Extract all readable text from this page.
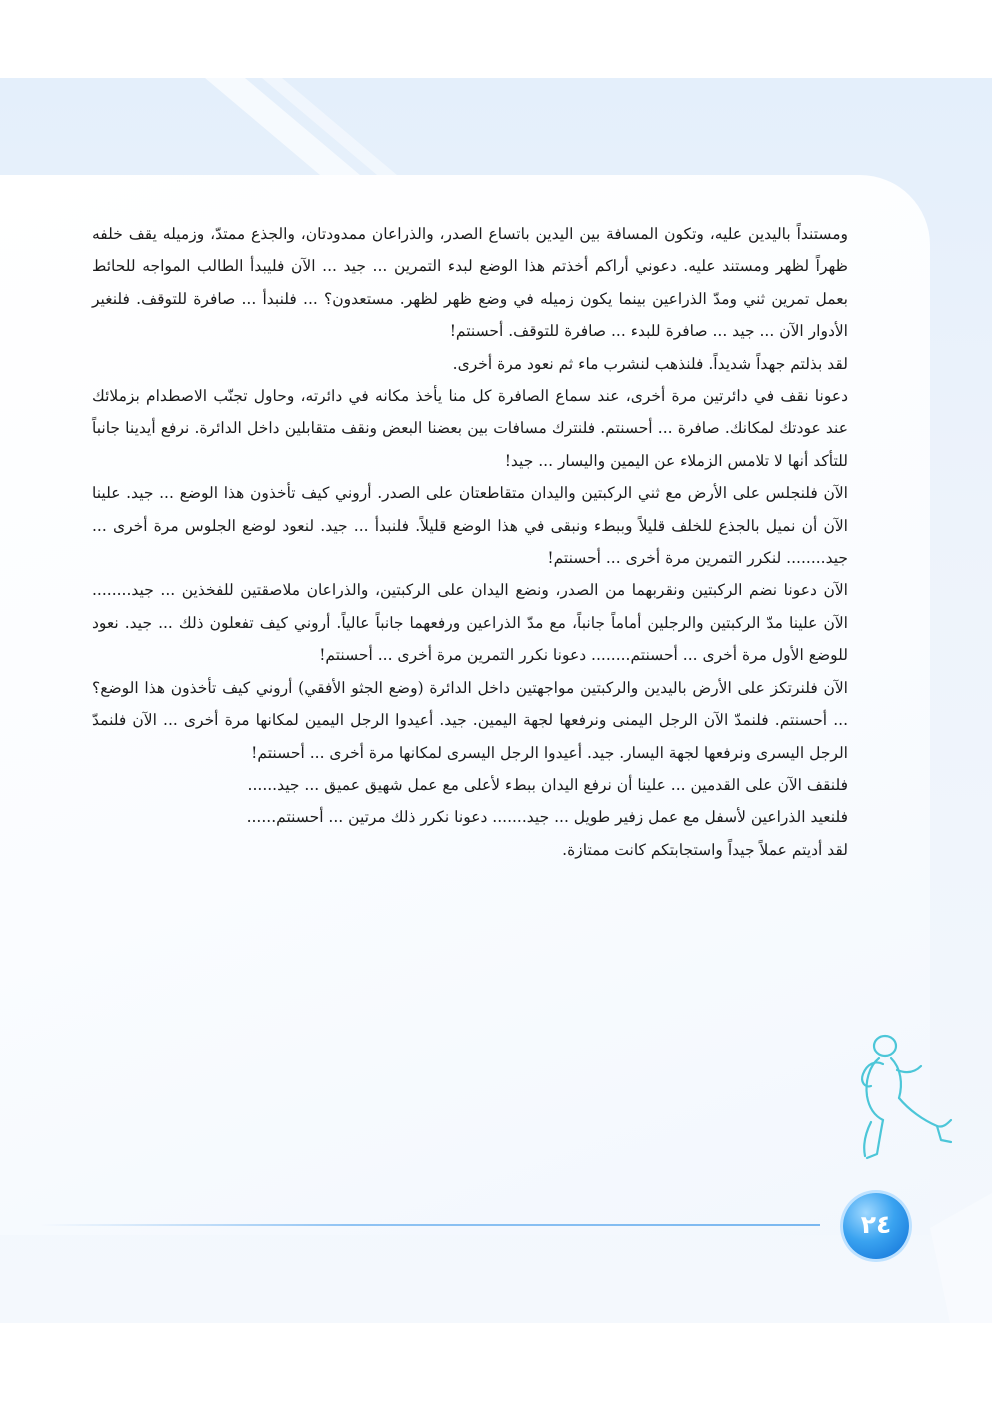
ومستنداً باليدين عليه، وتكون المسافة بين اليدين باتساع الصدر، والذراعان ممدودتان، والجذع ممتدّ، وزميله يقف خلفه ظهراً لظهر ومستند عليه. دعوني أراكم أخذتم هذا الوضع لبدء التمرين ... جيد ... الآن فليبدأ الطالب المواجه للحائط بعمل تمرين ثني ومدّ الذراعين بينما يكون زميله في وضع ظهر لظهر. مستعدون؟ ... فلنبدأ ... صافرة للتوقف. فلنغير الأدوار الآن ... جيد ... صافرة للبدء ... صافرة للتوقف. أحسنتم!

لقد بذلتم جهداً شديداً. فلنذهب لنشرب ماء ثم نعود مرة أخرى.

دعونا نقف في دائرتين مرة أخرى، عند سماع الصافرة كل منا يأخذ مكانه في دائرته، وحاول تجنّب الاصطدام بزملائك عند عودتك لمكانك. صافرة ... أحسنتم. فلنترك مسافات بين بعضنا البعض ونقف متقابلين داخل الدائرة. نرفع أيدينا جانباً للتأكد أنها لا تلامس الزملاء عن اليمين واليسار ... جيد!

الآن فلنجلس على الأرض مع ثني الركبتين واليدان متقاطعتان على الصدر. أروني كيف تأخذون هذا الوضع ... جيد. علينا الآن أن نميل بالجذع للخلف قليلاً وببطء ونبقى في هذا الوضع قليلاً. فلنبدأ ... جيد. لنعود لوضع الجلوس مرة أخرى ... جيد........ لنكرر التمرين مرة أخرى ... أحسنتم!

الآن دعونا نضم الركبتين ونقربهما من الصدر، ونضع اليدان على الركبتين، والذراعان ملاصقتين للفخذين ... جيد........ الآن علينا مدّ الركبتين والرجلين أماماً جانباً، مع مدّ الذراعين ورفعهما جانباً عالياً. أروني كيف تفعلون ذلك ... جيد. نعود للوضع الأول مرة أخرى ... أحسنتم........ دعونا نكرر التمرين مرة أخرى ... أحسنتم!

الآن فلنرتكز على الأرض باليدين والركبتين مواجهتين داخل الدائرة (وضع الجثو الأفقي) أروني كيف تأخذون هذا الوضع؟ ... أحسنتم. فلنمدّ الآن الرجل اليمنى ونرفعها لجهة اليمين. جيد. أعيدوا الرجل اليمين لمكانها مرة أخرى ... الآن فلنمدّ الرجل اليسرى ونرفعها لجهة اليسار. جيد. أعيدوا الرجل اليسرى لمكانها مرة أخرى ... أحسنتم!

فلنقف الآن على القدمين ... علينا أن نرفع اليدان ببطء لأعلى مع عمل شهيق عميق ... جيد......

فلنعيد الذراعين لأسفل مع عمل زفير طويل ... جيد....... دعونا نكرر ذلك مرتين ... أحسنتم......

لقد أديتم عملاً جيداً واستجابتكم كانت ممتازة.

٢٤
